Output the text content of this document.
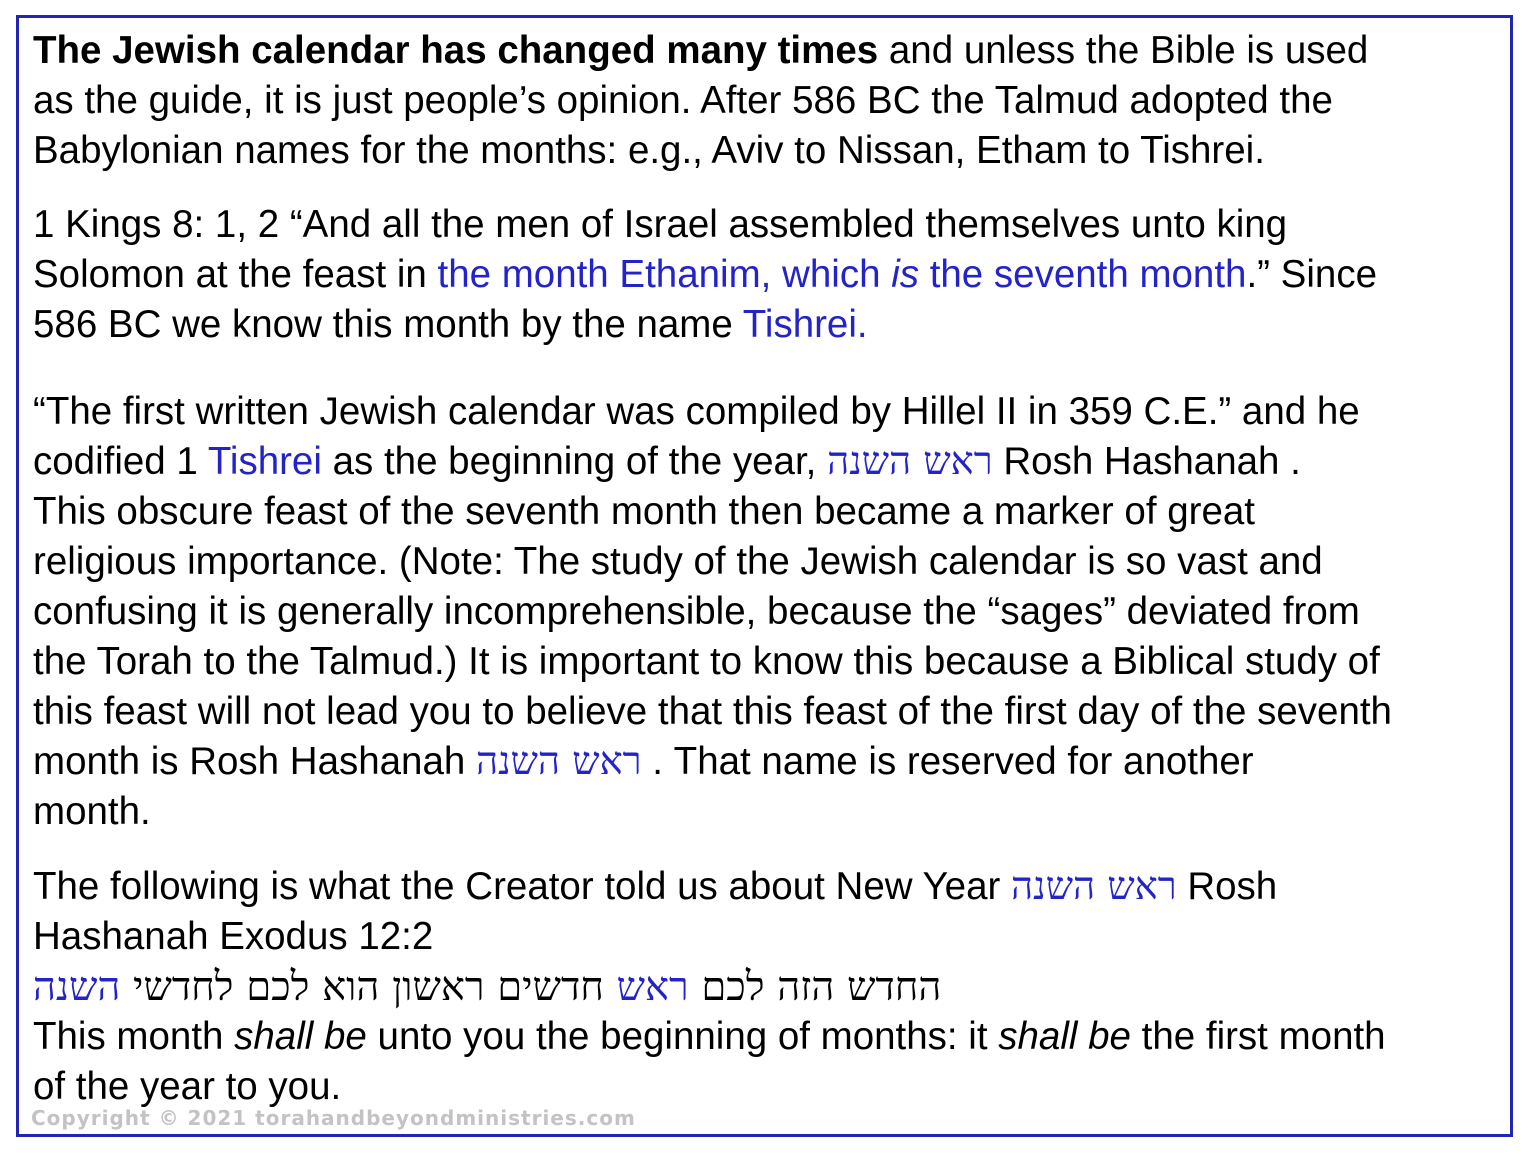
The Jewish calendar has changed many times and unless the Bible is used
as the guide, it is just people’s opinion. After 586 BC the Talmud adopted the
Babylonian names for the months: e.g., Aviv to Nissan, Etham to Tishrei.
1 Kings 8: 1, 2 “And all the men of Israel assembled themselves unto king
Solomon at the feast in the month Ethanim, which is the seventh month.” Since
586 BC we know this month by the name Tishrei.
“The first written Jewish calendar was compiled by Hillel II in 359 C.E.” and he
codified 1 Tishrei as the beginning of the year, ראש השנה Rosh Hashanah .
This obscure feast of the seventh month then became a marker of great
religious importance. (Note: The study of the Jewish calendar is so vast and
confusing it is generally incomprehensible, because the “sages” deviated from
the Torah to the Talmud.) It is important to know this because a Biblical study of
this feast will not lead you to believe that this feast of the first day of the seventh
month is Rosh Hashanah ראש השנה . That name is reserved for another
month.
The following is what the Creator told us about New Year ראש השנה Rosh
Hashanah Exodus 12:2
החדש הזה לכם ראש חדשים ראשון הוא לכם לחדשי השנה
This month shall be unto you the beginning of months: it shall be the first month
of the year to you.
Copyright © 2021 torahandbeyondministries.com
